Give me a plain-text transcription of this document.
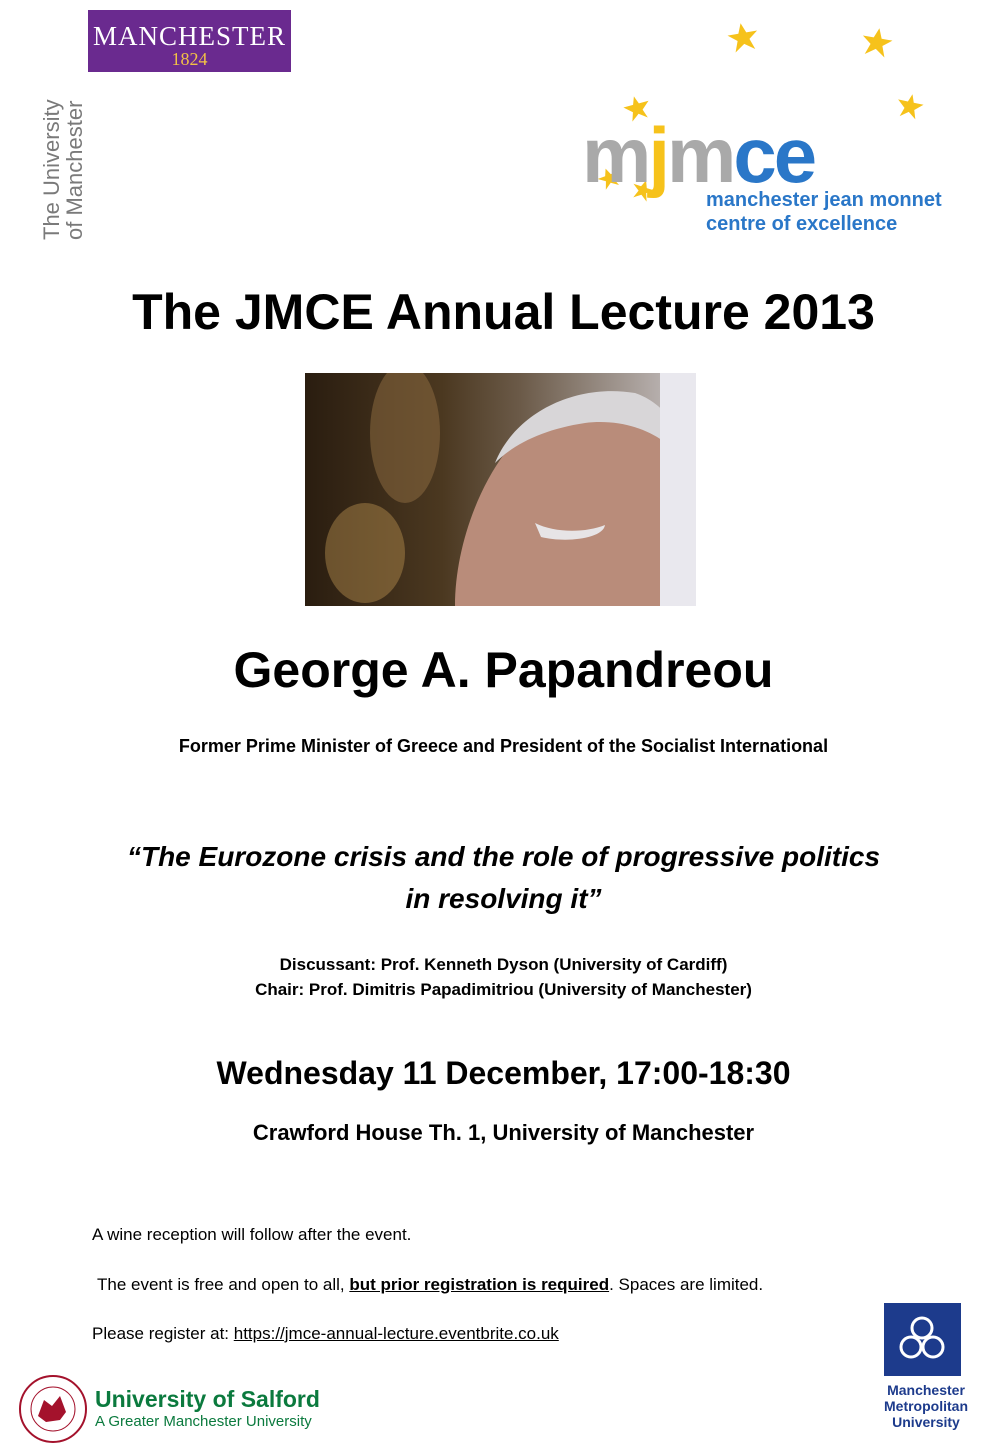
MANCHESTER
1824
The University
of Manchester	mjmce
manchester jean monnet
centre of excellence
The JMCE Annual Lecture 2013
George A. Papandreou
Former Prime Minister of Greece and President of the Socialist International
“The Eurozone crisis and the role of progressive politics
in resolving it”
Discussant: Prof. Kenneth Dyson (University of Cardiff)
Chair: Prof. Dimitris Papadimitriou (University of Manchester)
Wednesday 11 December, 17:00-18:30
Crawford House Th. 1, University of Manchester
A wine reception will follow after the event.
The event is free and open to all, but prior registration is required. Spaces are limited.
Please register at: https://jmce-annual-lecture.eventbrite.co.uk
University of Salford
A Greater Manchester University
Manchester
Metropolitan
University
